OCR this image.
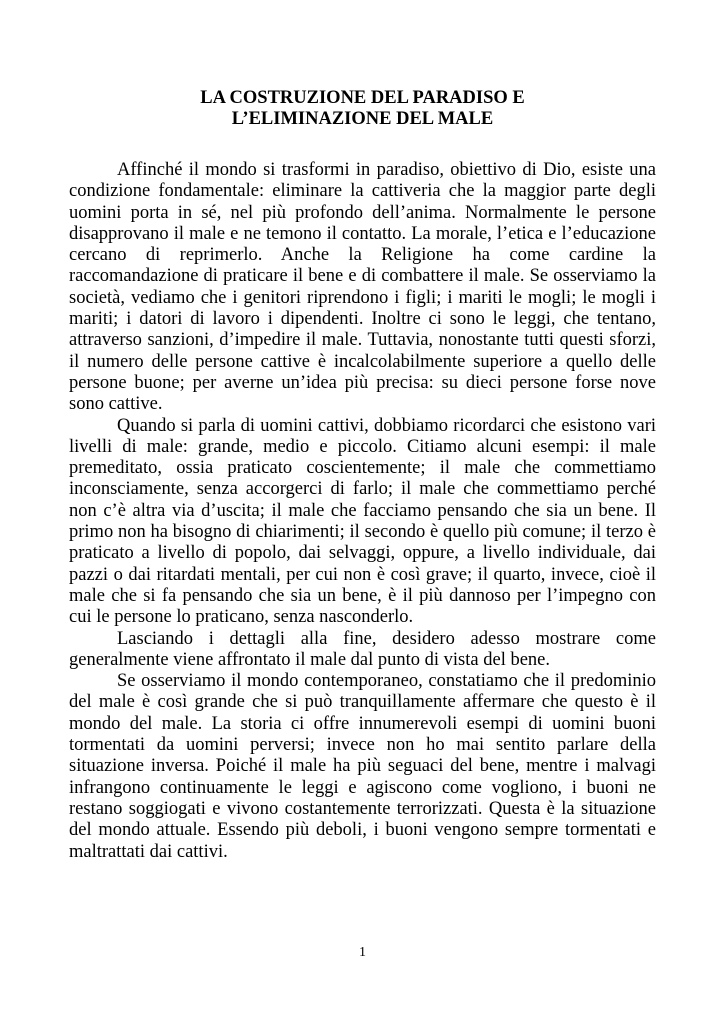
LA COSTRUZIONE DEL PARADISO E
L’ELIMINAZIONE DEL MALE

Affinché il mondo si trasformi in paradiso, obiettivo di Dio, esiste una condizione fondamentale: eliminare la cattiveria che la maggior parte degli uomini porta in sé, nel più profondo dell’anima. Normalmente le persone disapprovano il male e ne temono il contatto. La morale, l’etica e l’educazione cercano di reprimerlo. Anche la Religione ha come cardine la raccomandazione di praticare il bene e di combattere il male. Se osserviamo la società, vediamo che i genitori riprendono i figli; i mariti le mogli; le mogli i mariti; i datori di lavoro i dipendenti. Inoltre ci sono le leggi, che tentano, attraverso sanzioni, d’impedire il male. Tuttavia, nonostante tutti questi sforzi, il numero delle persone cattive è incalcolabilmente superiore a quello delle persone buone; per averne un’idea più precisa: su dieci persone forse nove sono cattive.

Quando si parla di uomini cattivi, dobbiamo ricordarci che esistono vari livelli di male: grande, medio e piccolo. Citiamo alcuni esempi: il male premeditato, ossia praticato coscientemente; il male che commettiamo inconsciamente, senza accorgerci di farlo; il male che commettiamo perché non c’è altra via d’uscita; il male che facciamo pensando che sia un bene. Il primo non ha bisogno di chiarimenti; il secondo è quello più comune; il terzo è praticato a livello di popolo, dai selvaggi, oppure, a livello individuale, dai pazzi o dai ritardati mentali, per cui non è così grave; il quarto, invece, cioè il male che si fa pensando che sia un bene, è il più dannoso per l’impegno con cui le persone lo praticano, senza nasconderlo.

Lasciando i dettagli alla fine, desidero adesso mostrare come generalmente viene affrontato il male dal punto di vista del bene.

Se osserviamo il mondo contemporaneo, constatiamo che il predominio del male è così grande che si può tranquillamente affermare che questo è il mondo del male. La storia ci offre innumerevoli esempi di uomini buoni tormentati da uomini perversi; invece non ho mai sentito parlare della situazione inversa. Poiché il male ha più seguaci del bene, mentre i malvagi infrangono continuamente le leggi e agiscono come vogliono, i buoni ne restano soggiogati e vivono costantemente terrorizzati. Questa è la situazione del mondo attuale. Essendo più deboli, i buoni vengono sempre tormentati e maltrattati dai cattivi.

1
